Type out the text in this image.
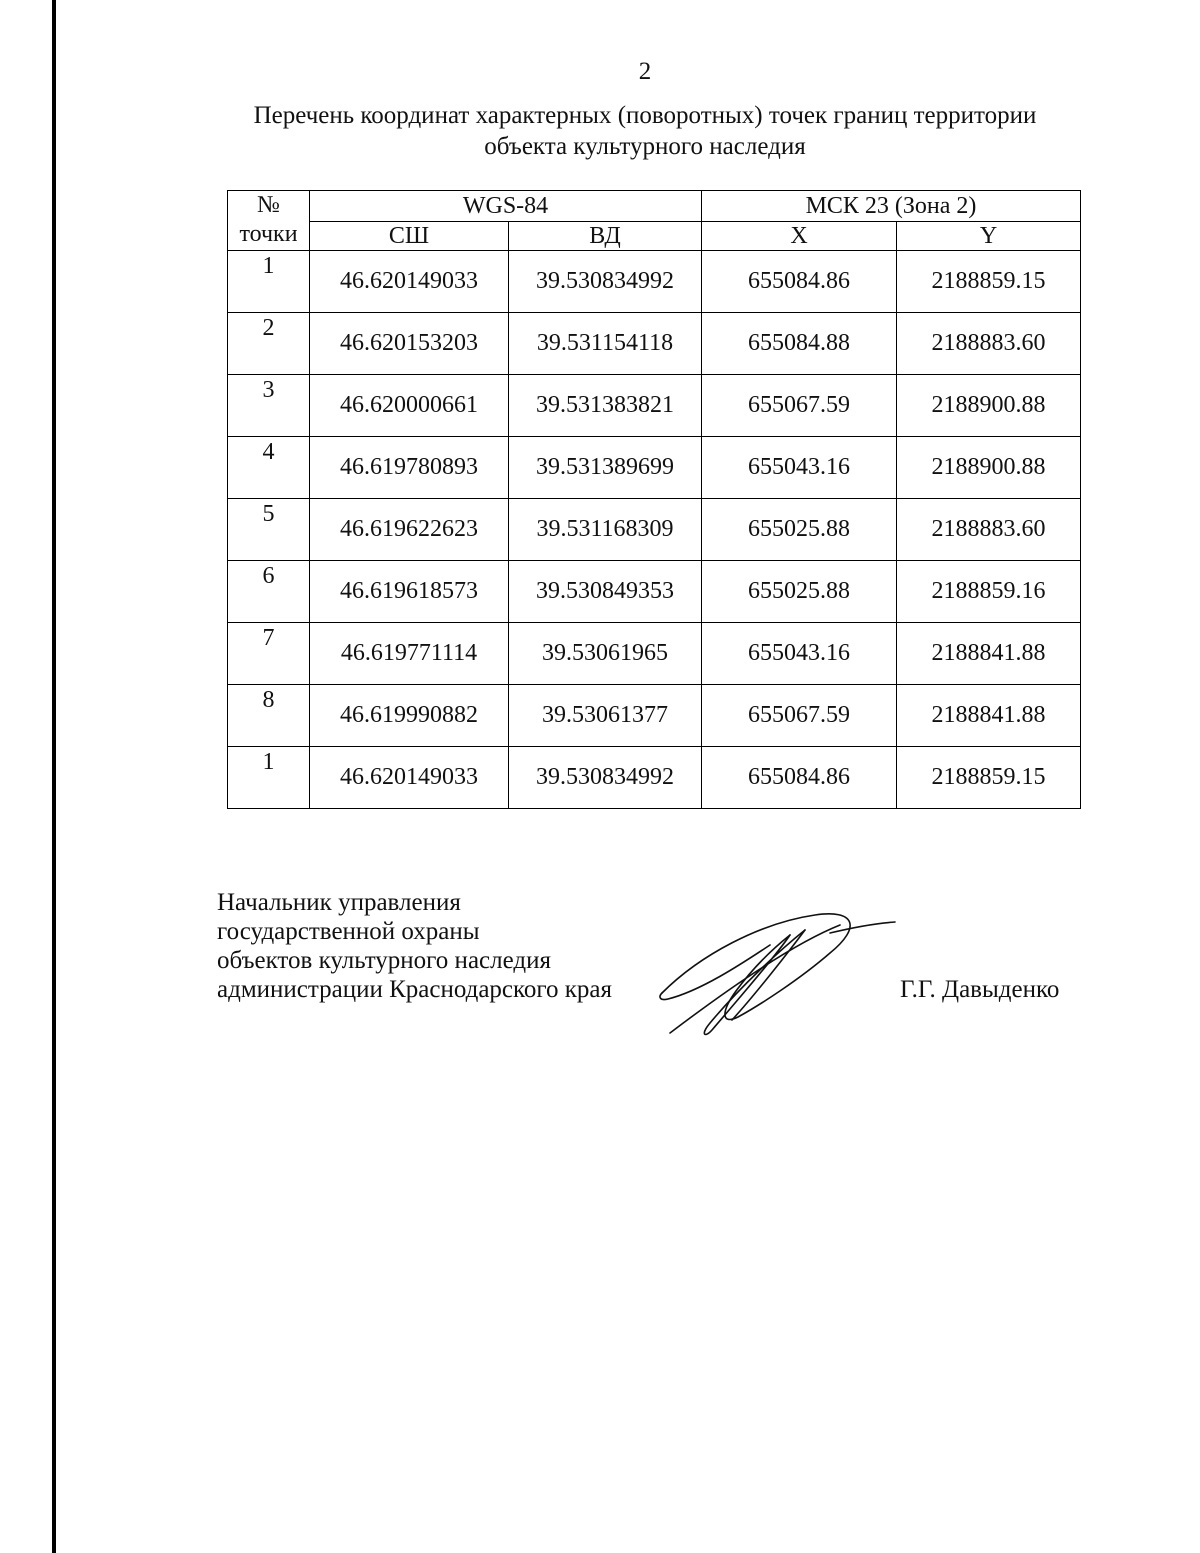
2
Перечень координат характерных (поворотных) точек границ территории
объекта культурного наследия
№
точки	WGS-84		МСК 23 (Зона 2)	
	СШ	ВД	X	Y
1	46.620149033	39.530834992	655084.86	2188859.15
2	46.620153203	39.531154118	655084.88	2188883.60
3	46.620000661	39.531383821	655067.59	2188900.88
4	46.619780893	39.531389699	655043.16	2188900.88
5	46.619622623	39.531168309	655025.88	2188883.60
6	46.619618573	39.530849353	655025.88	2188859.16
7	46.619771114	39.53061965	655043.16	2188841.88
8	46.619990882	39.53061377	655067.59	2188841.88
1	46.620149033	39.530834992	655084.86	2188859.15
Начальник управления
государственной охраны
объектов культурного наследия
администрации Краснодарского края	Г.Г. Давыденко
